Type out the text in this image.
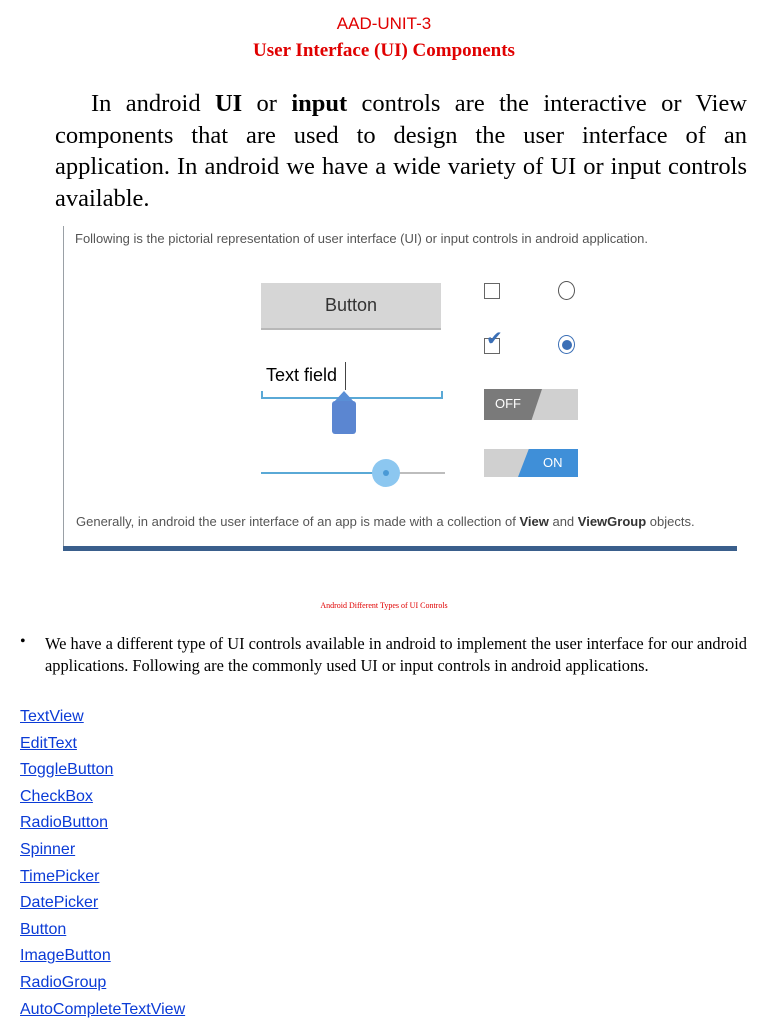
AAD-UNIT-3
User Interface (UI) Components

In android UI or input controls are the interactive or View components that are used to design the user interface of an application. In android we have a wide variety of UI or input controls available.

Following is the pictorial representation of user interface (UI) or input controls in android application.
Button
Text field
✔
OFF
ON
Generally, in android the user interface of an app is made with a collection of View and ViewGroup objects.
Android Different Types of UI Controls
• We have a different type of UI controls available in android to implement the user interface for our android applications. Following are the commonly used UI or input controls in android applications.

TextView
EditText
ToggleButton
CheckBox
RadioButton
Spinner
TimePicker
DatePicker
Button
ImageButton
RadioGroup
AutoCompleteTextView
